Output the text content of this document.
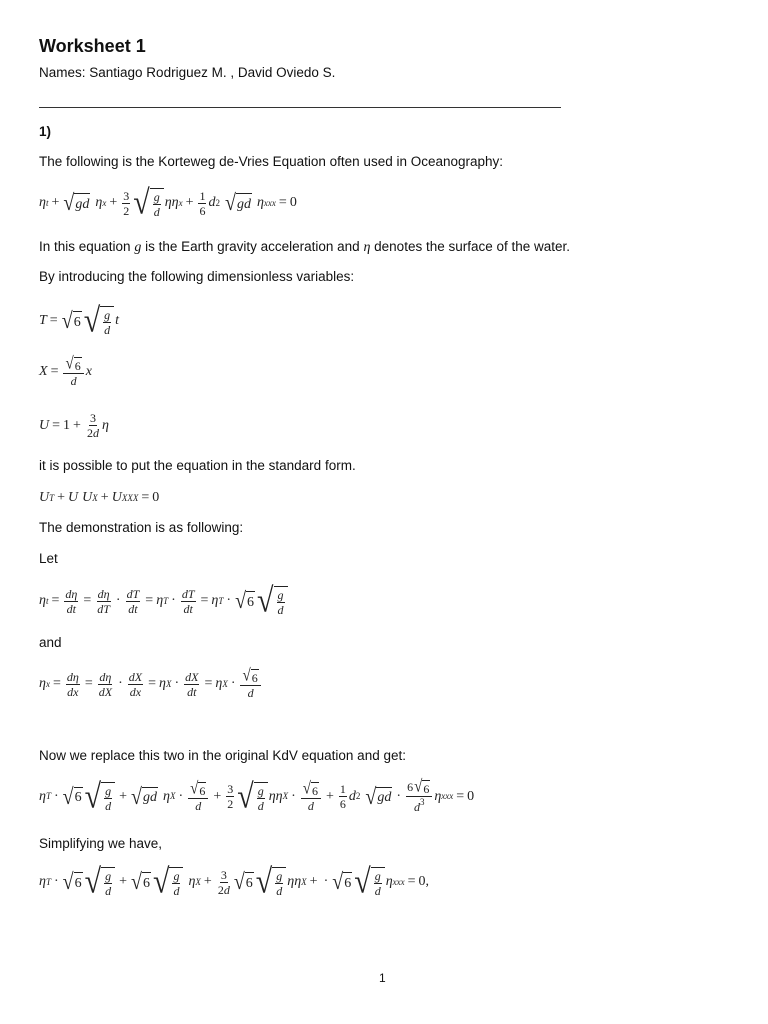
Worksheet 1
Names: Santiago Rodriguez M. , David Oviedo S.
1)
The following is the Korteweg de-Vries Equation often used in Oceanography:
η t + √ gd η $x + \frac{3}{2}$ √ $\frac{g}{d}$ ηη $x + \frac{1}{6}$ d 2 √ gd η xxx = 0
In this equation g is the Earth gravity acceleration and η denotes the surface of the water.
By introducing the following dimensionless variables:
T = √ 6 √ $\frac{g}{d}$ t
$X = \frac{√ 6}{d}$ x
$U = 1 + \frac{3}{2d}$ η
it is possible to put the equation in the standard form.
U T + U U X + U XXX = 0
The demonstration is as following:
Let
η $t = \frac{d\eta}{dt} = \frac{d\eta}{dT} \cdot \frac{dT}{dt} = \eta$ $T \cdot \frac{dT}{dt} = \eta$ T · √ 6 √ $\frac{g}{d}$
and
η $x = \frac{d\eta}{dx} = \frac{d\eta}{dX} \cdot \frac{dX}{dx} = \eta$ $X \cdot \frac{dX}{dt} = \eta$ $X \cdot \frac{√ 6}{d}$
Now we replace this two in the original KdV equation and get:
η T · √ 6 √ $\frac{g}{d}$ + √ gd η $X \cdot \frac{√ 6}{d} + \frac{3}{2}$ √ $\frac{g}{d}$ ηη $X \cdot \frac{√ 6}{d} + \frac{1}{6}$ d 2 √ gd · $\frac{6 √ 6}{d^3}$ η xxx = 0
Simplifying we have,
η T · √ 6 √ $\frac{g}{d}$ + √ 6 √ $\frac{g}{d}$ η $X + \frac{3}{2d}$ √ 6 √ $\frac{g}{d}$ ηη X + · √ 6 √ $\frac{g}{d}$ η xxx = 0,
1
